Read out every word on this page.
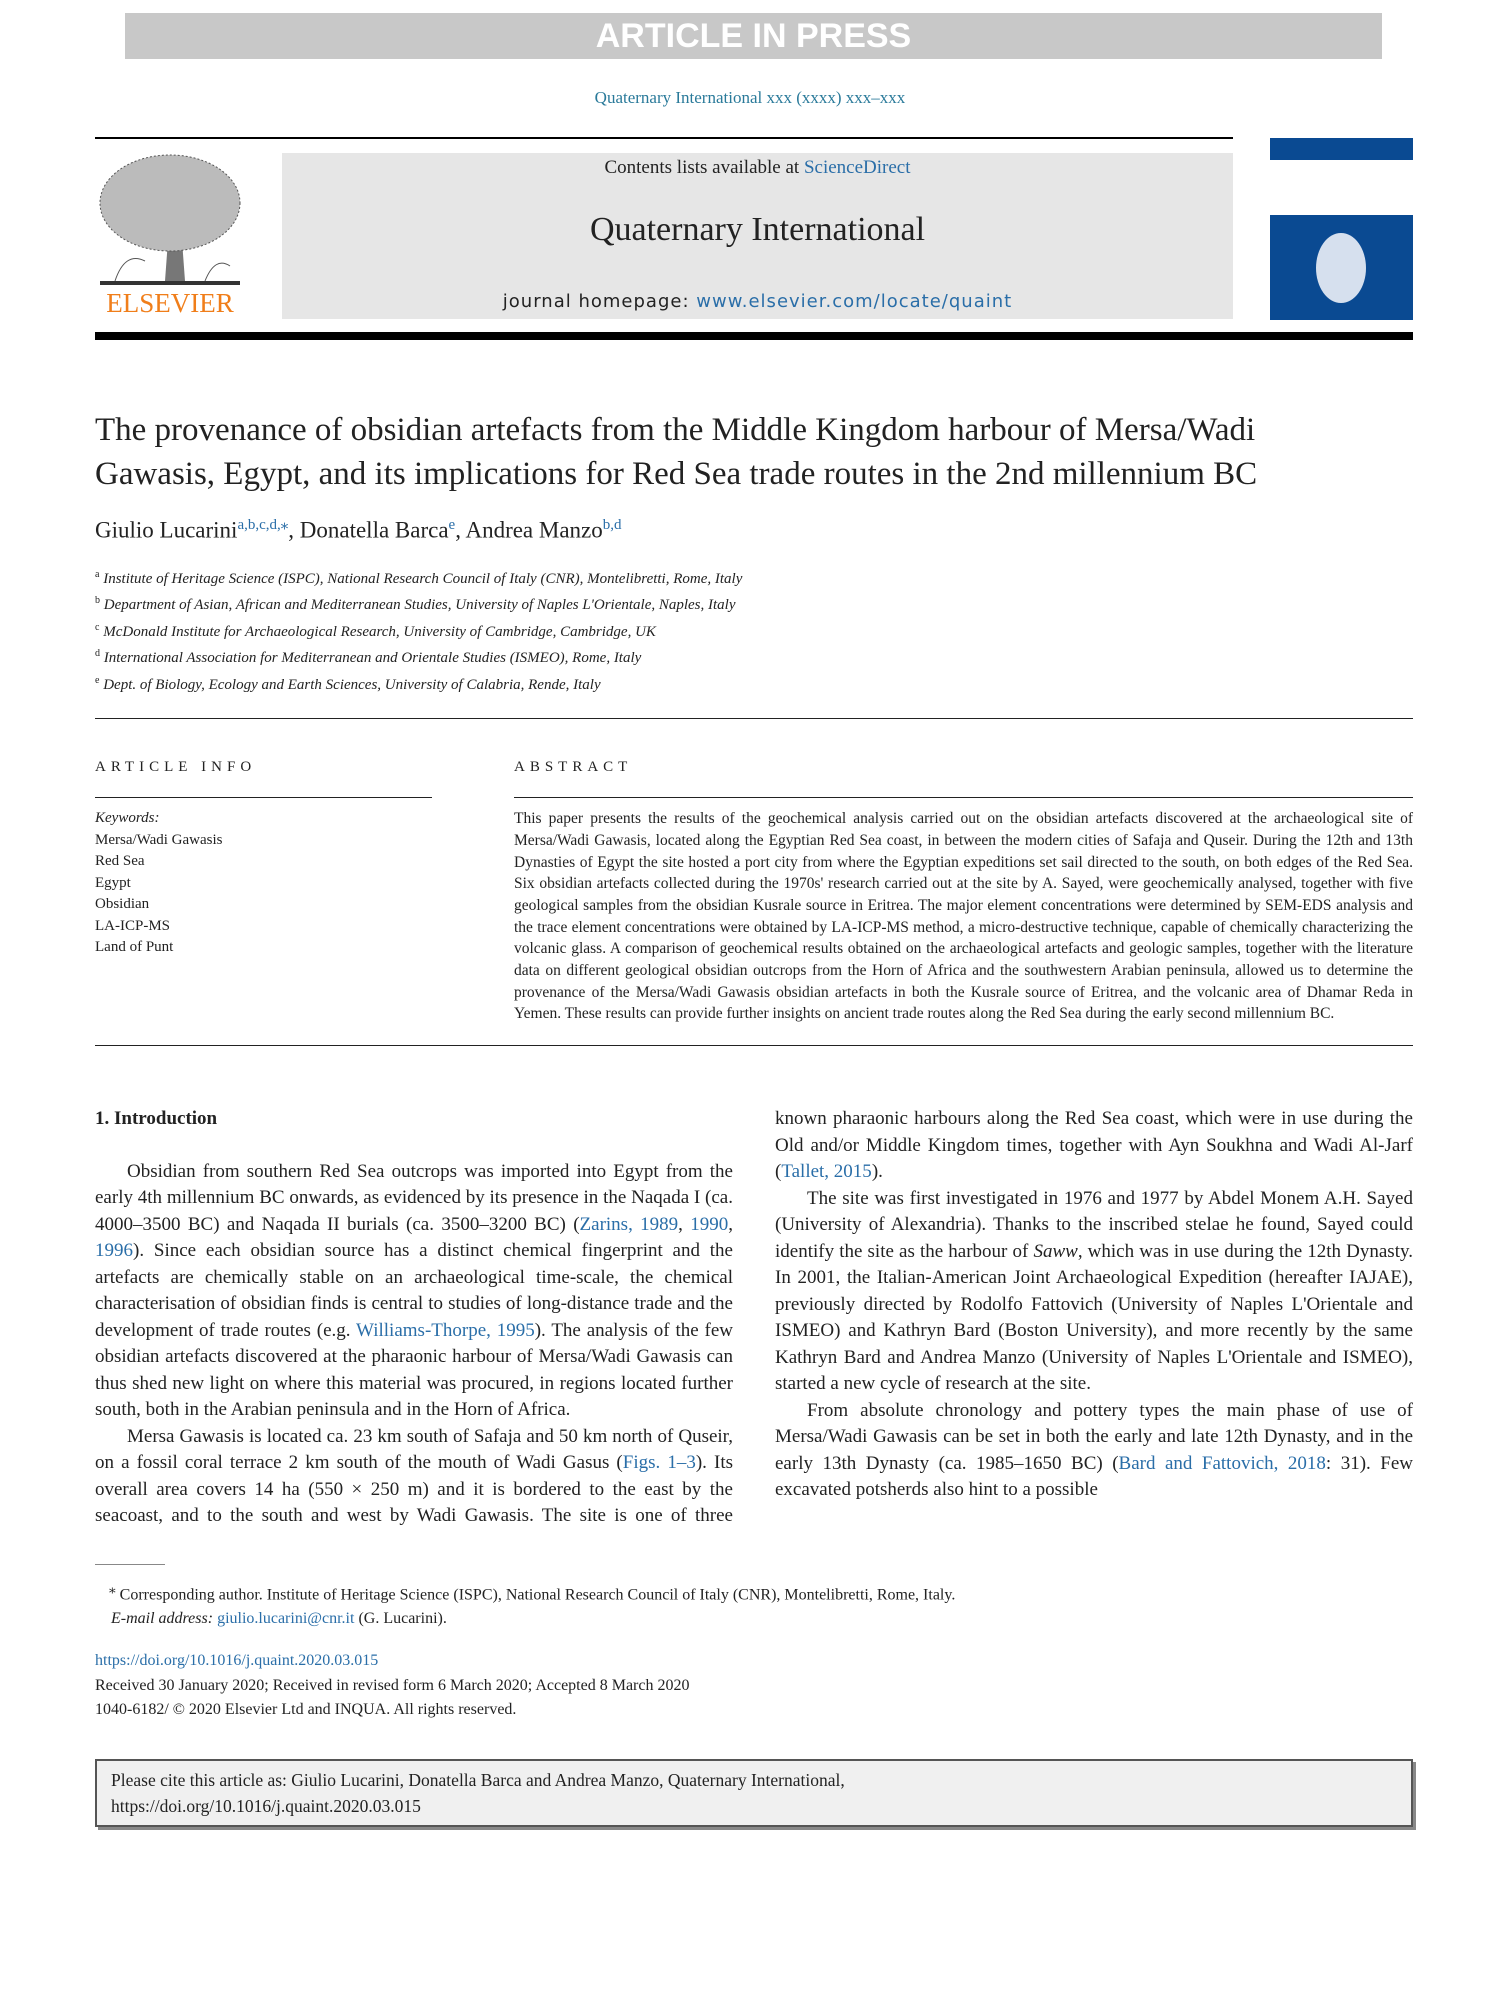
ARTICLE IN PRESS
Quaternary International xxx (xxxx) xxx–xxx
ELSEVIER
Contents lists available at ScienceDirect
Quaternary International
journal homepage: www.elsevier.com/locate/quaint
The provenance of obsidian artefacts from the Middle Kingdom harbour of Mersa/Wadi Gawasis, Egypt, and its implications for Red Sea trade routes in the 2nd millennium BC
Giulio Lucarini$^{a,b,c,d,⁎}$, Donatella Barca$^e$, Andrea Manzo$^{b,d}$
$^a$ Institute of Heritage Science (ISPC), National Research Council of Italy (CNR), Montelibretti, Rome, Italy
$^b$ Department of Asian, African and Mediterranean Studies, University of Naples L'Orientale, Naples, Italy
$^c$ McDonald Institute for Archaeological Research, University of Cambridge, Cambridge, UK
$^d$ International Association for Mediterranean and Orientale Studies (ISMEO), Rome, Italy
$^e$ Dept. of Biology, Ecology and Earth Sciences, University of Calabria, Rende, Italy
ARTICLE INFO
Keywords:
Mersa/Wadi Gawasis
Red Sea
Egypt
Obsidian
LA-ICP-MS
Land of Punt
ABSTRACT
This paper presents the results of the geochemical analysis carried out on the obsidian artefacts discovered at the archaeological site of Mersa/Wadi Gawasis, located along the Egyptian Red Sea coast, in between the modern cities of Safaja and Quseir. During the 12th and 13th Dynasties of Egypt the site hosted a port city from where the Egyptian expeditions set sail directed to the south, on both edges of the Red Sea. Six obsidian artefacts collected during the 1970s' research carried out at the site by A. Sayed, were geochemically analysed, together with five geological samples from the obsidian Kusrale source in Eritrea. The major element concentrations were determined by SEM-EDS analysis and the trace element concentrations were obtained by LA-ICP-MS method, a micro-destructive technique, capable of chemically characterizing the volcanic glass. A comparison of geochemical results obtained on the archaeological artefacts and geologic samples, together with the literature data on different geological obsidian outcrops from the Horn of Africa and the southwestern Arabian peninsula, allowed us to determine the provenance of the Mersa/Wadi Gawasis obsidian artefacts in both the Kusrale source of Eritrea, and the volcanic area of Dhamar Reda in Yemen. These results can provide further insights on ancient trade routes along the Red Sea during the early second millennium BC.
1. Introduction

Obsidian from southern Red Sea outcrops was imported into Egypt from the early 4th millennium BC onwards, as evidenced by its presence in the Naqada I (ca. 4000–3500 BC) and Naqada II burials (ca. 3500–3200 BC) (Zarins, 1989, 1990, 1996). Since each obsidian source has a distinct chemical fingerprint and the artefacts are chemically stable on an archaeological time-scale, the chemical characterisation of obsidian finds is central to studies of long-distance trade and the development of trade routes (e.g. Williams-Thorpe, 1995). The analysis of the few obsidian artefacts discovered at the pharaonic harbour of Mersa/Wadi Gawasis can thus shed new light on where this material was procured, in regions located further south, both in the Arabian peninsula and in the Horn of Africa.

Mersa Gawasis is located ca. 23 km south of Safaja and 50 km north of Quseir, on a fossil coral terrace 2 km south of the mouth of Wadi Gasus (Figs. 1–3). Its overall area covers 14 ha (550 × 250 m) and it is bordered to the east by the seacoast, and to the south and west by Wadi Gawasis. The site is one of three known pharaonic harbours along the Red Sea coast, which were in use during the Old and/or Middle Kingdom times, together with Ayn Soukhna and Wadi Al-Jarf (Tallet, 2015).

The site was first investigated in 1976 and 1977 by Abdel Monem A.H. Sayed (University of Alexandria). Thanks to the inscribed stelae he found, Sayed could identify the site as the harbour of Saww, which was in use during the 12th Dynasty. In 2001, the Italian-American Joint Archaeological Expedition (hereafter IAJAE), previously directed by Rodolfo Fattovich (University of Naples L'Orientale and ISMEO) and Kathryn Bard (Boston University), and more recently by the same Kathryn Bard and Andrea Manzo (University of Naples L'Orientale and ISMEO), started a new cycle of research at the site.

From absolute chronology and pottery types the main phase of use of Mersa/Wadi Gawasis can be set in both the early and late 12th Dynasty, and in the early 13th Dynasty (ca. 1985–1650 BC) (Bard and Fattovich, 2018: 31). Few excavated potsherds also hint to a possible

⁎ Corresponding author. Institute of Heritage Science (ISPC), National Research Council of Italy (CNR), Montelibretti, Rome, Italy.
E-mail address: giulio.lucarini@cnr.it (G. Lucarini).
https://doi.org/10.1016/j.quaint.2020.03.015
Received 30 January 2020; Received in revised form 6 March 2020; Accepted 8 March 2020
1040-6182/ © 2020 Elsevier Ltd and INQUA. All rights reserved.
Please cite this article as: Giulio Lucarini, Donatella Barca and Andrea Manzo, Quaternary International,
https://doi.org/10.1016/j.quaint.2020.03.015
